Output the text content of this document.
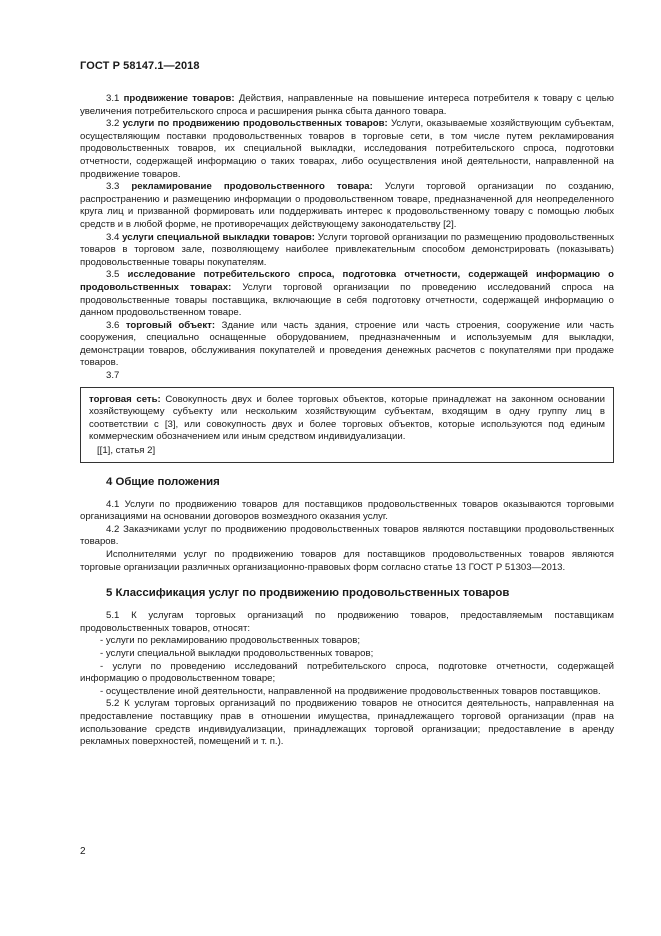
ГОСТ Р 58147.1—2018

3.1 продвижение товаров: Действия, направленные на повышение интереса потребителя к товару с целью увеличения потребительского спроса и расширения рынка сбыта данного товара.

3.2 услуги по продвижению продовольственных товаров: Услуги, оказываемые хозяйствующим субъектам, осуществляющим поставки продовольственных товаров в торговые сети, в том числе путем рекламирования продовольственных товаров, их специальной выкладки, исследования потребительского спроса, подготовки отчетности, содержащей информацию о таких товарах, либо осуществления иной деятельности, направленной на продвижение товаров.

3.3 рекламирование продовольственного товара: Услуги торговой организации по созданию, распространению и размещению информации о продовольственном товаре, предназначенной для неопределенного круга лиц и призванной формировать или поддерживать интерес к продовольственному товару с помощью любых средств и в любой форме, не противоречащих действующему законодательству [2].

3.4 услуги специальной выкладки товаров: Услуги торговой организации по размещению продовольственных товаров в торговом зале, позволяющему наиболее привлекательным способом демонстрировать (показывать) продовольственные товары покупателям.

3.5 исследование потребительского спроса, подготовка отчетности, содержащей информацию о продовольственных товарах: Услуги торговой организации по проведению исследований спроса на продовольственные товары поставщика, включающие в себя подготовку отчетности, содержащей информацию о данном продовольственном товаре.

3.6 торговый объект: Здание или часть здания, строение или часть строения, сооружение или часть сооружения, специально оснащенные оборудованием, предназначенным и используемым для выкладки, демонстрации товаров, обслуживания покупателей и проведения денежных расчетов с покупателями при продаже товаров.

3.7

торговая сеть: Совокупность двух и более торговых объектов, которые принадлежат на законном основании хозяйствующему субъекту или нескольким хозяйствующим субъектам, входящим в одну группу лиц в соответствии с [3], или совокупность двух и более торговых объектов, которые используются под единым коммерческим обозначением или иным средством индивидуализации.

[[1], статья 2]

4 Общие положения

4.1 Услуги по продвижению товаров для поставщиков продовольственных товаров оказываются торговыми организациями на основании договоров возмездного оказания услуг.

4.2 Заказчиками услуг по продвижению продовольственных товаров являются поставщики продовольственных товаров.

Исполнителями услуг по продвижению товаров для поставщиков продовольственных товаров являются торговые организации различных организационно-правовых форм согласно статье 13 ГОСТ Р 51303—2013.

5 Классификация услуг по продвижению продовольственных товаров

5.1 К услугам торговых организаций по продвижению товаров, предоставляемым поставщикам продовольственных товаров, относят:

- услуги по рекламированию продовольственных товаров;

- услуги специальной выкладки продовольственных товаров;

- услуги по проведению исследований потребительского спроса, подготовке отчетности, содержащей информацию о продовольственном товаре;

- осуществление иной деятельности, направленной на продвижение продовольственных товаров поставщиков.

5.2 К услугам торговых организаций по продвижению товаров не относится деятельность, направленная на предоставление поставщику прав в отношении имущества, принадлежащего торговой организации (прав на использование средств индивидуализации, принадлежащих торговой организации; предоставление в аренду рекламных поверхностей, помещений и т. п.).

2
